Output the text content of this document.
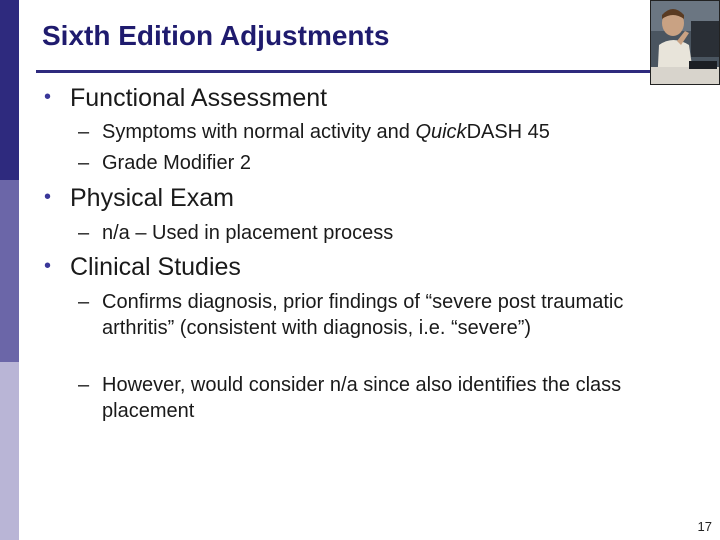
Sixth Edition Adjustments
• Functional Assessment
– Symptoms with normal activity and QuickDASH 45
– Grade Modifier 2
• Physical Exam
– n/a – Used in placement process
• Clinical Studies
– Confirms diagnosis, prior findings of “severe post traumatic arthritis” (consistent with diagnosis, i.e. “severe”)
– However, would consider n/a since also identifies the class placement
17
